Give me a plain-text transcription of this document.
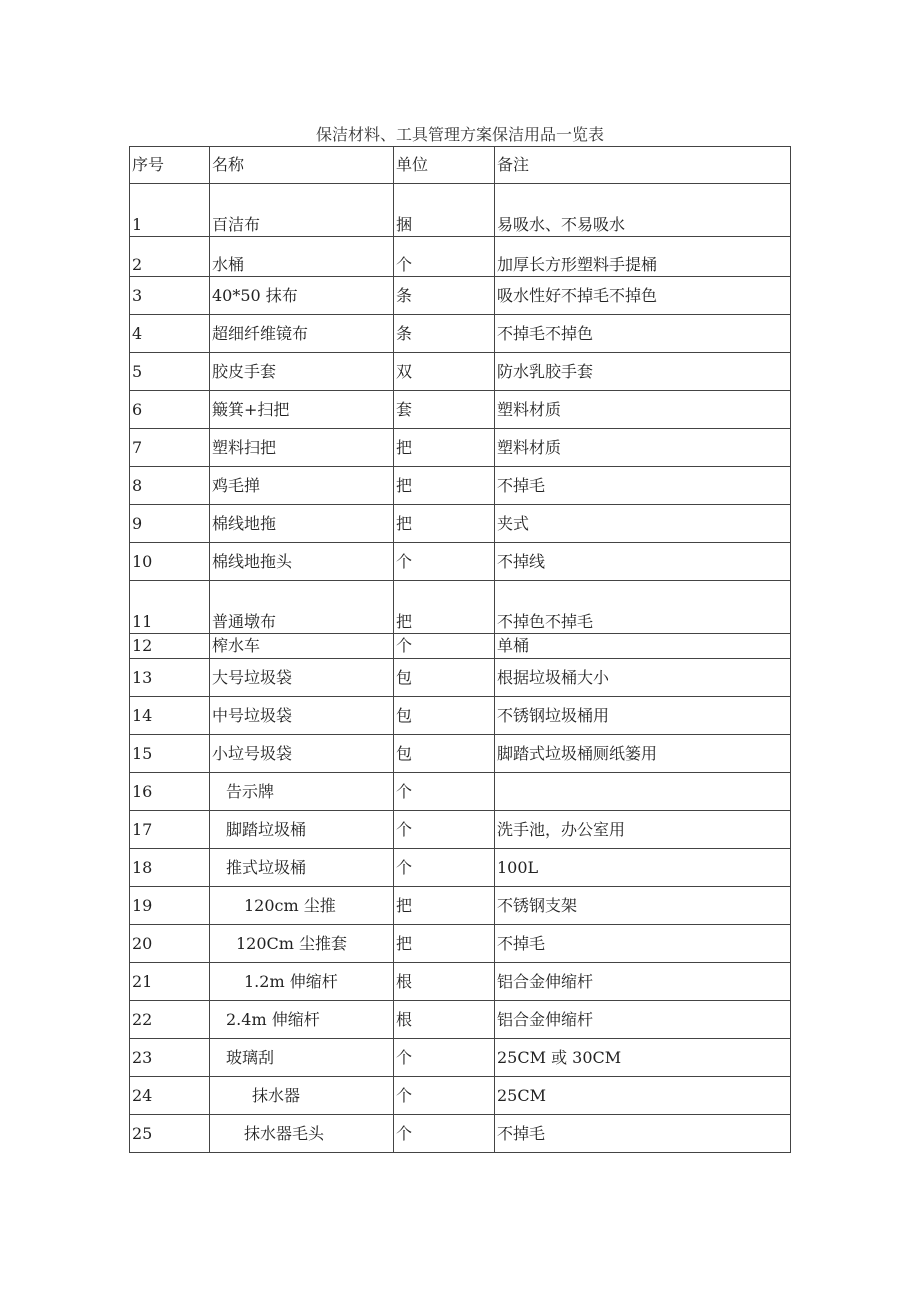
保洁材料、工具管理方案保洁用品一览表
序号	名称	单位	备注
1	百洁布	捆	易吸水、不易吸水
2	水桶	个	加厚长方形塑料手提桶
3	40*50 抹布	条	吸水性好不掉毛不掉色
4	超细纤维镜布	条	不掉毛不掉色
5	胶皮手套	双	防水乳胶手套
6	簸箕+扫把	套	塑料材质
7	塑料扫把	把	塑料材质
8	鸡毛掸	把	不掉毛
9	棉线地拖	把	夹式
10	棉线地拖头	个	不掉线
11	普通墩布	把	不掉色不掉毛
12	榨水车	个	单桶
13	大号垃圾袋	包	根据垃圾桶大小
14	中号垃圾袋	包	不锈钢垃圾桶用
15	小垃号圾袋	包	脚踏式垃圾桶厕纸篓用
16	告示牌	个	
17	脚踏垃圾桶	个	洗手池，办公室用
18	推式垃圾桶	个	100L
19	120cm 尘推	把	不锈钢支架
20	120Cm 尘推套	把	不掉毛
21	1.2m 伸缩杆	根	铝合金伸缩杆
22	2.4m 伸缩杆	根	铝合金伸缩杆
23	玻璃刮	个	25CM 或 30CM
24	抹水器	个	25CM
25	抹水器毛头	个	不掉毛
